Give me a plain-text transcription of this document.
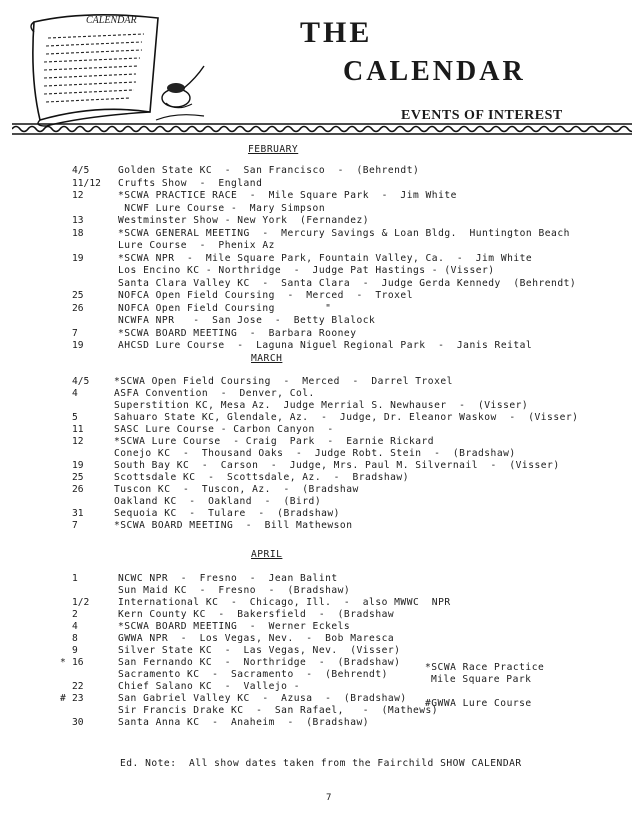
CALENDAR	THE
CALENDAR
EVENTS OF INTEREST
FEBRUARY
4/5	Golden State KC  -  San Francisco  -  (Behrendt)
11/12 Crufts Show  -  England
12	*SCWA PRACTICE RACE  -  Mile Square Park  -  Jim White
NCWF Lure Course -  Mary Simpson
13	Westminster Show - New York  (Fernandez)
18	*SCWA GENERAL MEETING  -  Mercury Savings & Loan Bldg.  Huntington Beach
Lure Course  -  Phenix Az
19	*SCWA NPR  -  Mile Square Park, Fountain Valley, Ca.  -  Jim White
Los Encino KC - Northridge  -  Judge Pat Hastings - (Visser)
Santa Clara Valley KC  -  Santa Clara  -  Judge Gerda Kennedy  (Behrendt)
25	NOFCA Open Field Coursing  -  Merced  -  Troxel
26	NOFCA Open Field Coursing        "
NCWFA NPR   -  San Jose  -  Betty Blalock
7	*SCWA BOARD MEETING  -  Barbara Rooney
19	AHCSD Lure Course  -  Laguna Niguel Regional Park  -  Janis Reital
MARCH
4/5	*SCWA Open Field Coursing  -  Merced  -  Darrel Troxel
4	ASFA Convention  -  Denver, Col.
Superstition KC, Mesa Az.  Judge Merrial S. Newhauser  -  (Visser)
5	Sahuaro State KC, Glendale, Az.  -  Judge, Dr. Eleanor Waskow  -  (Visser)
11	SASC Lure Course - Carbon Canyon  -
12	*SCWA Lure Course  - Craig  Park  -  Earnie Rickard
Conejo KC  -  Thousand Oaks  -  Judge Robt. Stein  -  (Bradshaw)
19	South Bay KC  -  Carson  -  Judge, Mrs. Paul M. Silvernail  -  (Visser)
25	Scottsdale KC  -  Scottsdale, Az.  -  Bradshaw)
26	Tuscon KC  -  Tuscon, Az.  -  (Bradshaw
Oakland KC  -  Oakland  -  (Bird)
31	Sequoia KC  -  Tulare  -  (Bradshaw)
7	*SCWA BOARD MEETING  -  Bill Mathewson
APRIL
1	NCWC NPR  -  Fresno  -  Jean Balint
Sun Maid KC  -  Fresno  -  (Bradshaw)
1/2	International KC  -  Chicago, Ill.  -  also MWWC  NPR
2	Kern County KC  -  Bakersfield  -  (Bradshaw
4	*SCWA BOARD MEETING  -  Werner Eckels
8	GWWA NPR  -  Los Vegas, Nev.  -  Bob Maresca
9	Silver State KC  -  Las Vegas, Nev.  (Visser)
* 16	San Fernando KC  -  Northridge  -  (Bradshaw)
Sacramento KC  -  Sacramento  -  (Behrendt)
22	Chief Salano KC  -  Vallejo -
# 23	San Gabriel Valley KC  -  Azusa  -  (Bradshaw)
Sir Francis Drake KC  -  San Rafael,   -  (Mathews)
30	Santa Anna KC  -  Anaheim  -  (Bradshaw)
*SCWA Race Practice
Mile Square Park
#GWWA Lure Course
Ed. Note:  All show dates taken from the Fairchild SHOW CALENDAR
7
